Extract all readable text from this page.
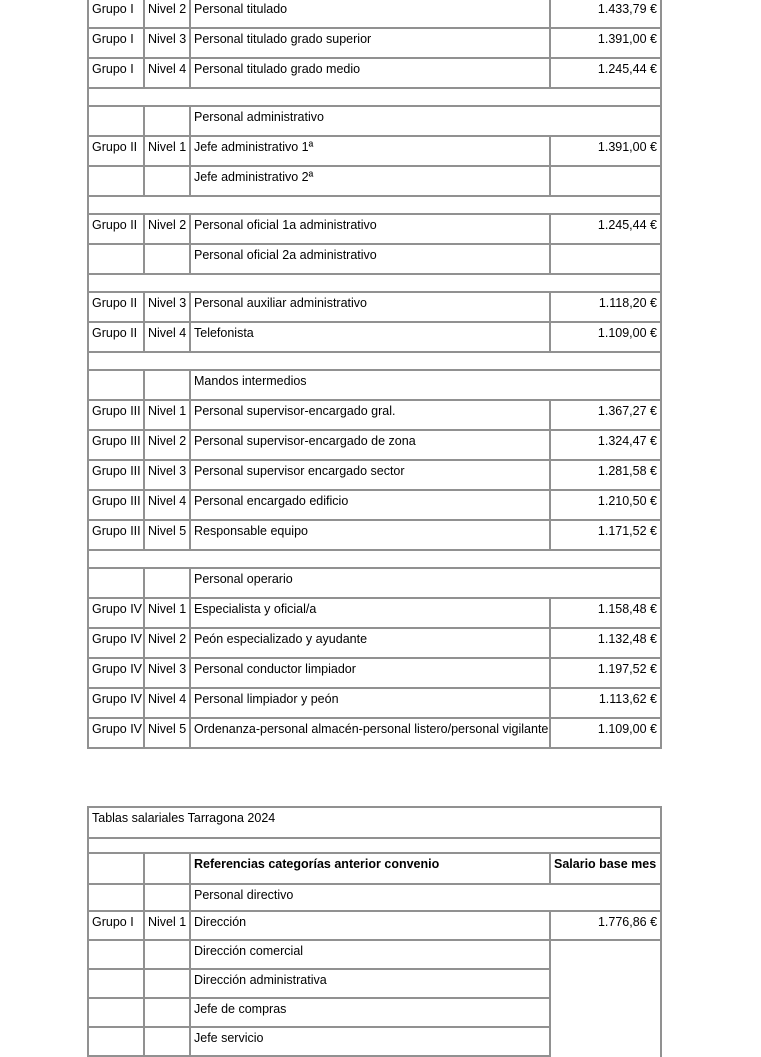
Grupo I	Nivel 2	Personal titulado	1.433,79 €
Grupo I	Nivel 3	Personal titulado grado superior	1.391,00 €
Grupo I	Nivel 4	Personal titulado grado medio	1.245,44 €

		Personal administrativo	
Grupo II	Nivel 1	Jefe administrativo 1ª	1.391,00 €
		Jefe administrativo 2ª	

Grupo II	Nivel 2	Personal oficial 1a administrativo	1.245,44 €
		Personal oficial 2a administrativo	

Grupo II	Nivel 3	Personal auxiliar administrativo	1.118,20 €
Grupo II	Nivel 4	Telefonista	1.109,00 €

		Mandos intermedios	
Grupo III	Nivel 1	Personal supervisor-encargado gral.	1.367,27 €
Grupo III	Nivel 2	Personal supervisor-encargado de zona	1.324,47 €
Grupo III	Nivel 3	Personal supervisor encargado sector	1.281,58 €
Grupo III	Nivel 4	Personal encargado edificio	1.210,50 €
Grupo III	Nivel 5	Responsable equipo	1.171,52 €

		Personal operario	
Grupo IV	Nivel 1	Especialista y oficial/a	1.158,48 €
Grupo IV	Nivel 2	Peón especializado y ayudante	1.132,48 €
Grupo IV	Nivel 3	Personal conductor limpiador	1.197,52 €
Grupo IV	Nivel 4	Personal limpiador y peón	1.113,62 €
Grupo IV	Nivel 5	Ordenanza-personal almacén-personal listero/personal vigilante	1.109,00 €
Tablas salariales Tarragona 2024			

		Referencias categorías anterior convenio	Salario base mes
		Personal directivo	
Grupo I	Nivel 1	Dirección	1.776,86 €
		Dirección comercial	
		Dirección administrativa	
		Jefe de compras	
		Jefe servicio	
